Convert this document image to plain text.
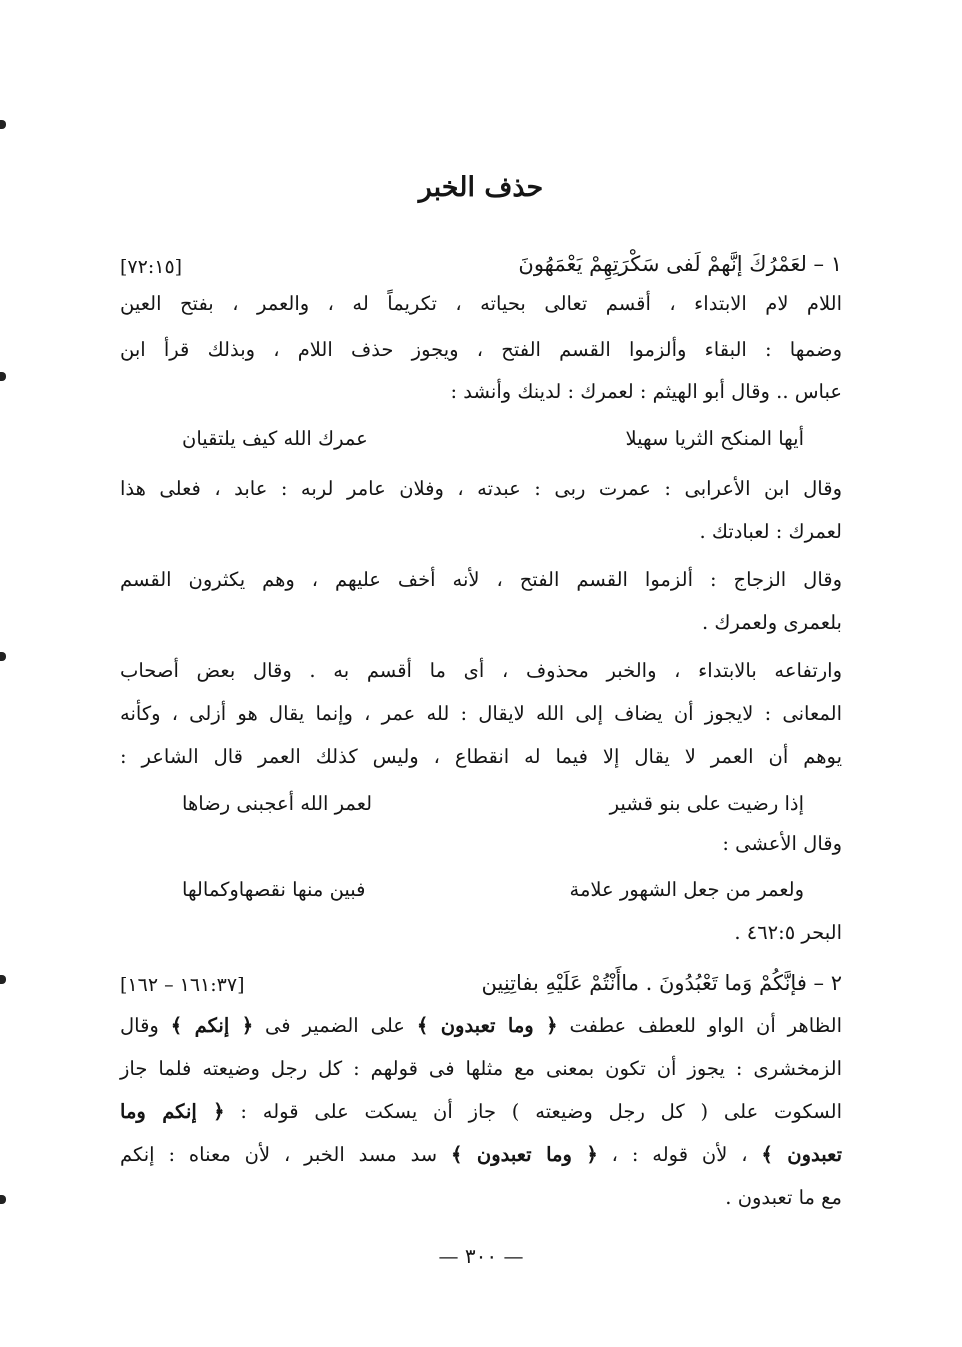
حذف الخبر
١ – لعَمْرُكَ إنَّهمْ لَفى سَكْرَتِهِمْ يَعْمَهُونَ
[٧٢:١٥]
اللام لام الابتداء ، أقسم تعالى بحياته ، تكريماً له ، والعمر ، بفتح العين
وضمها : البقاء وألزموا القسم الفتح ، ويجوز حذف اللام ، وبذلك قرأ ابن
عباس .. وقال أبو الهيثم : لعمرك : لدينك وأنشد :
أيها المنكح الثريا سهيلا
عمرك الله كيف يلتقيان
وقال ابن الأعرابى : عمرت ربى : عبدته ، وفلان عامر لربه : عابد ، فعلى هذا
لعمرك : لعبادتك .
وقال الزجاج : ألزموا القسم الفتح ، لأنه أخف عليهم ، وهم يكثرون القسم
بلعمرى ولعمرك .
وارتفاعه بالابتداء ، والخبر محذوف ، أى ما أقسم به . وقال بعض أصحاب
المعانى : لايجوز أن يضاف إلى الله لايقال : لله عمر ، وإنما يقال هو أزلى ، وكأنه
يوهم أن العمر لا يقال إلا فيما له انقطاع ، وليس كذلك العمر قال الشاعر :
إذا رضيت على بنو قشير
لعمر الله أعجبنى رضاها
وقال الأعشى :
ولعمر من جعل الشهور علامة
فبين منها نقصهاوكمالها
البحر ٤٦٢:٥ .
٢ – فإنَّكُمْ وَما تَعْبُدُونَ . ماأَنْتُمْ عَلَيْهِ بفاتِنِين
[١٦١:٣٧ – ١٦٢]
الظاهر أن الواو للعطف عطفت ﴿ وما تعبدون ﴾ على الضمير فى ﴿ إنكم ﴾ وقال
الزمخشرى : يجوز أن تكون بمعنى مع مثلها فى قولهم : كل رجل وضيعته فلما جاز
السكوت على ( كل رجل وضيعته ) جاز أن يسكت على قوله : ﴿ إنكم وما
تعبدون ﴾ ، لأن قوله : ، ﴿ وما تعبدون ﴾ سد مسد الخبر ، لأن معناه : إنكم
مع ما تعبدون .
— ٣٠٠ —
